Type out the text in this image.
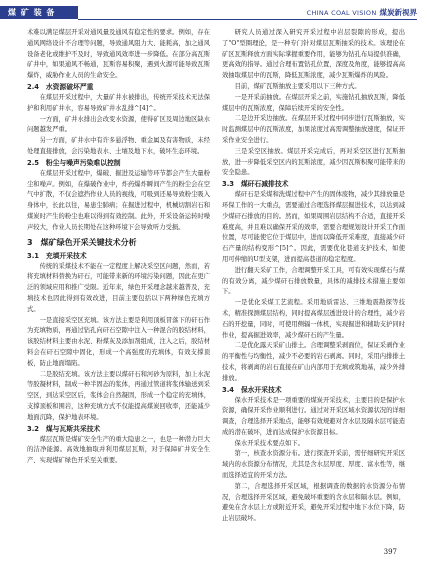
煤 矿 装 备	CHINA COAL VISION 煤炭新视界

术难以满足煤层开采对通风量及通风有稳定性的要求。例如，存在通风网络设计不合理等问题，导致通风阻力大、能耗高，加之通风设备老化或维护不及时，导致通风效率进一步降低。在部分高瓦斯矿井中，如果通风不畅通，瓦斯容易积聚，遇到火源可能导致瓦斯爆炸，威胁作业人员的生命安全。

2.4　水资源破坏严重

在煤层开采过程中，大量矿井水被排出，传统开采技术无法保护和利用矿井水，容易导致矿井水乱排^[4]^。

一方面，矿井水排出会改变水资源，使得矿区及周边地区缺水问题越发严重。

另一方面，矿井水中有许多悬浮物、重金属及有害物质，未经处理直接排放，会污染地表水、土壤及地下水，破坏生态环境。

2.5　粉尘与噪声污染难以控制

在煤层开采过程中，爆破、掘进及运输等环节都会产生大量粉尘和噪声。例如，在爆破作业中，炸药爆炸瞬间产生的粉尘会在空气中扩散，不仅会遮挡作业人员的视线，可吸到还易导致粉尘吸入身体中，长此以往，易患尘肺病；在掘进过程中，机械切割岩石和煤炭时产生的粉尘也难以得到有效控制。此外，开采设备运转时噪声较大，作业人员长期处在这种环境下会导致听力受损。

3　煤矿绿色开采关键技术分析

3.1　充填开采技术

传统的采煤技术不能在一定程度上解决采空区问题，然而，若将充填材料替换为矸石，可能带来新的环境污染问题，因此在更广泛的领域应用和推广受限。近年来，绿色开采理念越来越普及，充填技术也因此得到有效改进，目前主要包括以下两种绿色充填方式。

一是直接采空区充填。该方法主要是利用顶板冒落下的矸石作为充填物质，再通过钻孔向矸石空隙中注入一种混合的胶结材料，该胶结材料主要由水泥、粉煤灰及添加剂组成，注入之后，胶结材料会在矸石空隙中固化，形成一个高强度的充填体，有效支撑顶板，防止地面塌陷。

二是胶结充填。该方法主要以煤矸石和河砂为原料，加上水泥等胶凝材料，制成一种半固态的浆体，再通过管道将浆体输送到采空区，到达采空区后，浆体会自然凝固，形成一个稳定的充填体，支撑顶板和围岩，这种充填方式不仅能提高煤炭回收率，还能减少地面沉降，保护地表环境。

3.2　煤与瓦斯共采技术

煤层瓦斯是煤矿安全生产的重大隐患之一，也是一种潜力巨大的洁净能源。高效地抽取并利用煤层瓦斯，对于保障矿井安全生产、实现煤矿绿色开采至关重要。

研究人员通过深入研究开采过程中岩层裂隙的形成，提出了"O"型圈理论，是一种专门针对煤层瓦斯抽采的技术。该理论在矿区瓦斯释放方面实际掌握重要作用，能够为钻孔布局提供准确，更高效的指导。通过合理布置钻孔位置，深度及角度，能够提高高效抽取煤层中的瓦斯，降低瓦斯浓度，减少瓦斯爆炸的风险。

目前，煤矿瓦斯抽放主要采用以下三种方式。

一是开采前抽放。在煤层开采之前，实施钻孔抽放瓦斯，降低煤层中的瓦斯浓度，保障后续开采的安全性。

二是边开采边抽放。在煤层开采过程中同步进行瓦斯抽放，实时监测煤层中的瓦斯浓度，加果浓度过高需调整抽放速度，保证开采作业安全进行。

三是采空区抽放。煤层开采完成后，再对采空区进行瓦斯抽放，进一步降低采空区内的瓦斯浓度，减少因瓦斯积聚可能带来的安全隐患。

3.3　煤矸石减排技术

煤矸石是采煤和洗煤过程中产生的固体废物，减少其排放量是环保工作的一大重点，需要通过合理选择煤层掘进技术，以达到减少煤矸石排放的目的。然而，如果周围岩层结构不合适，直接开采难度高，并且难以确保开采的效率，需要合理规划设计开采工作面位置，尽可能使它位于煤层中，进而以降低开采难度，直接减少矸石产量的结构变形^[5]^。因此，需要优化巷道支护技术，如使用可伸缩的U型支架，进而提高巷道的稳定程度。

进行翻天采矿工作，合理调整开采工具，可有效实现煤石与煤的有效分离，减少煤矸石排放数量，具体的减排技术措施主要如下。

一是优化采煤工艺流程。采用地质雷达、三维地震勘探等技术，精准探测煤层结构，同时提高煤层透进设计的合理性，减少岩石的开挖量，同时，可使用侧辐一体机，实现掘进和辅助支护同时作业，提高掘进效率，减少煤矸石的产生量。

二是优化露天采矿山排土。合理调整采剥面位，保证采剥作业的平衡性与均衡性，减少不必要的岩石剥离。同时，采用内排排土技术，将剥离的岩石直接在矿山内部用于充填或筑地基，减少外排排放。

3.4　保水开采技术

保水开采技术是一项重要的煤炭开采技术，主要目的是保护水资源，确保开采作业顺利进行。通过对开采区域水资源状况的详细调查，合理选择开采地点，能够有效规避对含水层及隔水层可能造成的潜在破坏，进而达成保护水资源目标。

保水开采技术要点如下。

第一，核查水资源分布。进行探查开采前，需仔细研究开采区域内的水资源分布情况，尤其是含水层厚度、厚度、富水性等，继而选择适宜的开采方法。

第二，合理选择开采区域，根据调查的数据的水资源分布情况，合理选择开采区域，避免破坏重要的含水层和隔水层。例如，避免在含水层上方或附近开采，避免开采过程中地下水位下降，防止岩层破坏。

397
